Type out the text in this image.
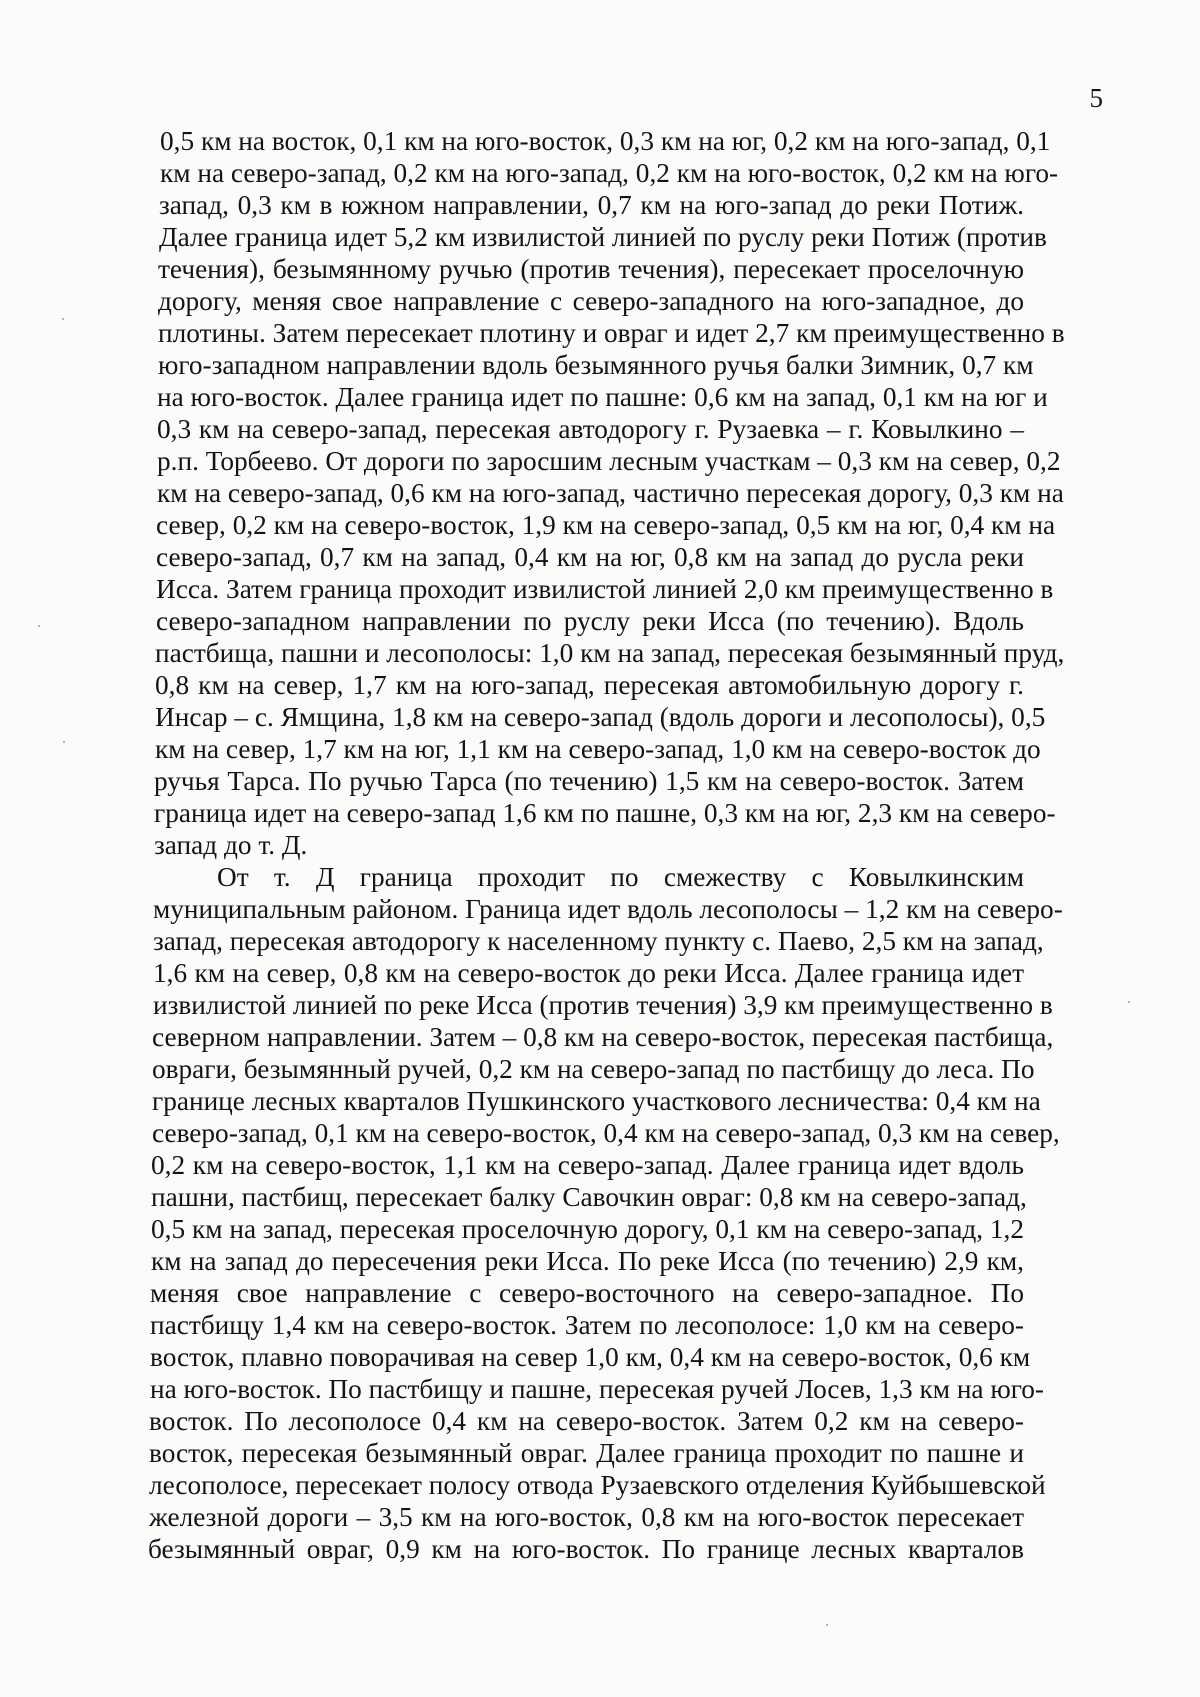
5
0,5 км на восток, 0,1 км на юго-восток, 0,3 км на юг, 0,2 км на юго-запад, 0,1
км на северо-запад, 0,2 км на юго-запад, 0,2 км на юго-восток, 0,2 км на юго-
запад, 0,3 км в южном направлении, 0,7 км на юго-запад до реки Потиж.
Далее граница идет 5,2 км извилистой линией по руслу реки Потиж (против
течения), безымянному ручью (против течения), пересекает проселочную
дорогу, меняя свое направление с северо-западного на юго-западное, до
плотины. Затем пересекает плотину и овраг и идет 2,7 км преимущественно в
юго-западном направлении вдоль безымянного ручья балки Зимник, 0,7 км
на юго-восток. Далее граница идет по пашне: 0,6 км на запад, 0,1 км на юг и
0,3 км на северо-запад, пересекая автодорогу г. Рузаевка – г. Ковылкино –
р.п. Торбеево. От дороги по заросшим лесным участкам – 0,3 км на север, 0,2
км на северо-запад, 0,6 км на юго-запад, частично пересекая дорогу, 0,3 км на
север, 0,2 км на северо-восток, 1,9 км на северо-запад, 0,5 км на юг, 0,4 км на
северо-запад, 0,7 км на запад, 0,4 км на юг, 0,8 км на запад до русла реки
Исса. Затем граница проходит извилистой линией 2,0 км преимущественно в
северо-западном направлении по руслу реки Исса (по течению). Вдоль
пастбища, пашни и лесополосы: 1,0 км на запад, пересекая безымянный пруд,
0,8 км на север, 1,7 км на юго-запад, пересекая автомобильную дорогу г.
Инсар – с. Ямщина, 1,8 км на северо-запад (вдоль дороги и лесополосы), 0,5
км на север, 1,7 км на юг, 1,1 км на северо-запад, 1,0 км на северо-восток до
ручья Тарса. По ручью Тарса (по течению) 1,5 км на северо-восток. Затем
граница идет на северо-запад 1,6 км по пашне, 0,3 км на юг, 2,3 км на северо-
запад до т. Д.
От т. Д граница проходит по смежеству с Ковылкинским
муниципальным районом. Граница идет вдоль лесополосы – 1,2 км на северо-
запад, пересекая автодорогу к населенному пункту с. Паево, 2,5 км на запад,
1,6 км на север, 0,8 км на северо-восток до реки Исса. Далее граница идет
извилистой линией по реке Исса (против течения) 3,9 км преимущественно в
северном направлении. Затем – 0,8 км на северо-восток, пересекая пастбища,
овраги, безымянный ручей, 0,2 км на северо-запад по пастбищу до леса. По
границе лесных кварталов Пушкинского участкового лесничества: 0,4 км на
северо-запад, 0,1 км на северо-восток, 0,4 км на северо-запад, 0,3 км на север,
0,2 км на северо-восток, 1,1 км на северо-запад. Далее граница идет вдоль
пашни, пастбищ, пересекает балку Савочкин овраг: 0,8 км на северо-запад,
0,5 км на запад, пересекая проселочную дорогу, 0,1 км на северо-запад, 1,2
км на запад до пересечения реки Исса. По реке Исса (по течению) 2,9 км,
меняя свое направление с северо-восточного на северо-западное. По
пастбищу 1,4 км на северо-восток. Затем по лесополосе: 1,0 км на северо-
восток, плавно поворачивая на север 1,0 км, 0,4 км на северо-восток, 0,6 км
на юго-восток. По пастбищу и пашне, пересекая ручей Лосев, 1,3 км на юго-
восток. По лесополосе 0,4 км на северо-восток. Затем 0,2 км на северо-
восток, пересекая безымянный овраг. Далее граница проходит по пашне и
лесополосе, пересекает полосу отвода Рузаевского отделения Куйбышевской
железной дороги – 3,5 км на юго-восток, 0,8 км на юго-восток пересекает
безымянный овраг, 0,9 км на юго-восток. По границе лесных кварталов
